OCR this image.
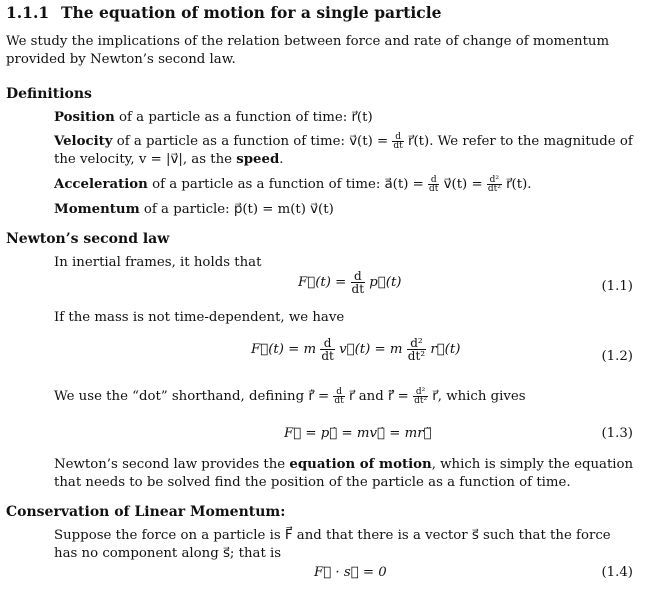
1.1.1 The equation of motion for a single particle
We study the implications of the relation between force and rate of change of momentum provided by Newton’s second law.
Definitions
Position of a particle as a function of time: r⃗(t)
Velocity of a particle as a function of time: v⃗(t) = $\frac{d}{dt}$ r⃗(t). We refer to the magnitude of the velocity, v = |v⃗|, as the speed.
Acceleration of a particle as a function of time: a⃗(t) = $\frac{d}{dt}$ v⃗(t) = $\frac{\text{d²}}{\text{dt²}}$ r⃗(t).
Momentum of a particle: p⃗(t) = m(t) v⃗(t)
Newton’s second law
In inertial frames, it holds that
F⃗(t) = $\frac{d}{dt}$ p⃗(t)	(1.1)
If the mass is not time-dependent, we have
F⃗(t) = m $\frac{d}{dt}$ v⃗(t) = m $\frac{\text{d²}}{\text{dt²}}$ r⃗(t)	(1.2)
We use the “dot” shorthand, defining r⃗̇ = $\frac{d}{dt}$ r⃗ and r⃗̈ = $\frac{\text{d²}}{\text{dt²}}$ r⃗, which gives
F⃗ = p⃗̇ = mv⃗̇ = mr⃗̈	(1.3)
Newton’s second law provides the equation of motion, which is simply the equation that needs to be solved find the position of the particle as a function of time.
Conservation of Linear Momentum:
Suppose the force on a particle is F⃗ and that there is a vector s⃗ such that the force has no component along s⃗; that is
F⃗ · s⃗ = 0	(1.4)
